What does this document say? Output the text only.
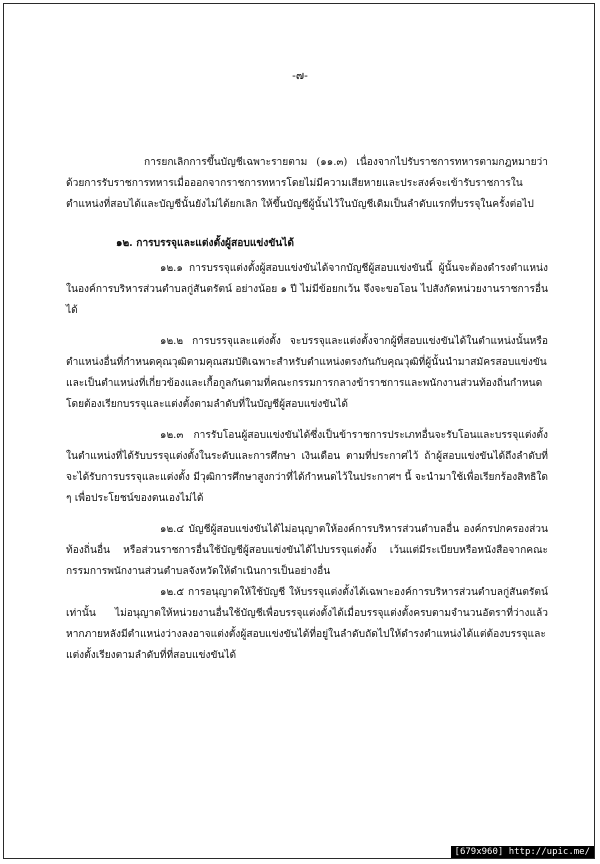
-๗-

การยกเลิกการขึ้นบัญชีเฉพาะรายตาม (๑๑.๓) เนื่องจากไปรับราชการทหารตามกฎหมายว่าด้วยการรับราชการทหารเมื่อออกจากราชการทหารโดยไม่มีความเสียหายและประสงค์จะเข้ารับราชการในตำแหน่งที่สอบได้และบัญชีนั้นยังไม่ได้ยกเลิก ให้ขึ้นบัญชีผู้นั้นไว้ในบัญชีเดิมเป็นลำดับแรกที่บรรจุในครั้งต่อไป

๑๒. การบรรจุและแต่งตั้งผู้สอบแข่งขันได้

๑๒.๑ การบรรจุแต่งตั้งผู้สอบแข่งขันได้จากบัญชีผู้สอบแข่งขันนี้ ผู้นั้นจะต้องดำรงตำแหน่งในองค์การบริหารส่วนตำบลกู่สันตรัตน์ อย่างน้อย ๑ ปี ไม่มีข้อยกเว้น จึงจะขอโอน ไปสังกัดหน่วยงานราชการอื่นได้

๑๒.๒ การบรรจุและแต่งตั้ง จะบรรจุและแต่งตั้งจากผู้ที่สอบแข่งขันได้ในตำแหน่งนั้นหรือตำแหน่งอื่นที่กำหนดคุณวุฒิตามคุณสมบัติเฉพาะสำหรับตำแหน่งตรงกันกับคุณวุฒิที่ผู้นั้นนำมาสมัครสอบแข่งขันและเป็นตำแหน่งที่เกี่ยวข้องและเกื้อกูลกันตามที่คณะกรรมการกลางข้าราชการและพนักงานส่วนท้องถิ่นกำหนดโดยต้องเรียกบรรจุและแต่งตั้งตามลำดับที่ในบัญชีผู้สอบแข่งขันได้

๑๒.๓ การรับโอนผู้สอบแข่งขันได้ซึ่งเป็นข้าราชการประเภทอื่นจะรับโอนและบรรจุแต่งตั้งในตำแหน่งที่ได้รับบรรจุแต่งตั้งในระดับและการศึกษา เงินเดือน ตามที่ประกาศไว้ ถ้าผู้สอบแข่งขันได้ถึงลำดับที่จะได้รับการบรรจุและแต่งตั้ง มีวุฒิการศึกษาสูงกว่าที่ได้กำหนดไว้ในประกาศฯ นี้ จะนำมาใช้เพื่อเรียกร้องสิทธิใด ๆ เพื่อประโยชน์ของตนเองไม่ได้

๑๒.๔ บัญชีผู้สอบแข่งขันได้ไม่อนุญาตให้องค์การบริหารส่วนตำบลอื่น องค์กรปกครองส่วนท้องถิ่นอื่น หรือส่วนราชการอื่นใช้บัญชีผู้สอบแข่งขันได้ไปบรรจุแต่งตั้ง เว้นแต่มีระเบียบหรือหนังสือจากคณะกรรมการพนักงานส่วนตำบลจังหวัดให้ดำเนินการเป็นอย่างอื่น

๑๒.๕ การอนุญาตให้ใช้บัญชี ให้บรรจุแต่งตั้งได้เฉพาะองค์การบริหารส่วนตำบลกู่สันตรัตน์เท่านั้น ไม่อนุญาตให้หน่วยงานอื่นใช้บัญชีเพื่อบรรจุแต่งตั้งได้เมื่อบรรจุแต่งตั้งครบตามจำนวนอัตราที่ว่างแล้ว หากภายหลังมีตำแหน่งว่างลงอาจแต่งตั้งผู้สอบแข่งขันได้ที่อยู่ในลำดับถัดไปให้ดำรงตำแหน่งได้แต่ต้องบรรจุและแต่งตั้งเรียงตามลำดับที่ที่สอบแข่งขันได้

[679x960] http://upic.me/
